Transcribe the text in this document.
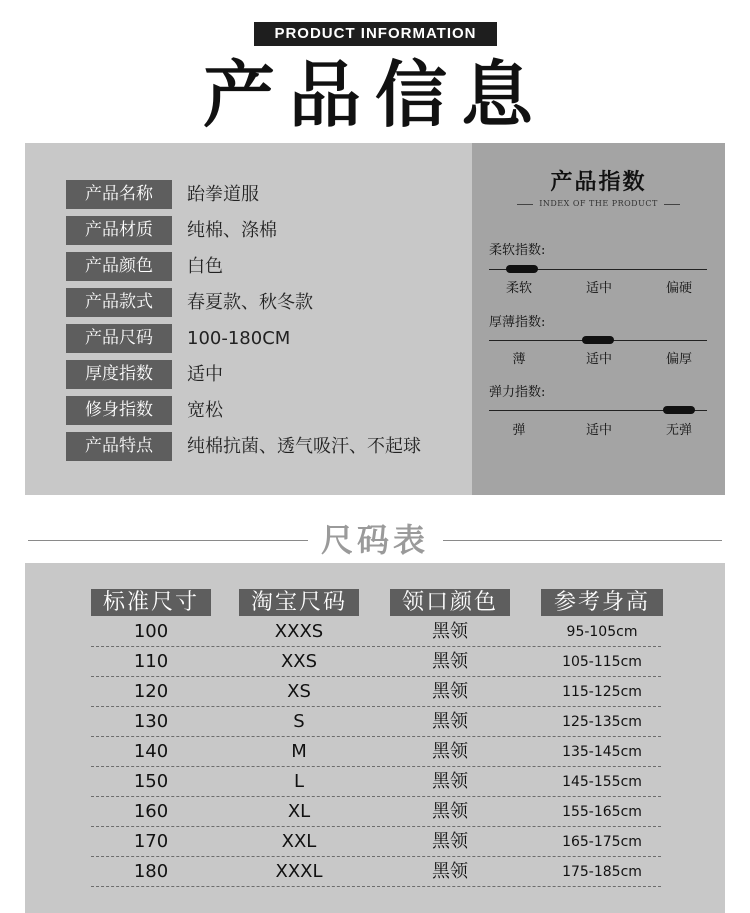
PRODUCT INFORMATION
产品信息
产品名称	跆拳道服
产品材质	纯棉、涤棉
产品颜色	白色
产品款式	春夏款、秋冬款
产品尺码	100-180CM
厚度指数	适中
修身指数	宽松
产品特点	纯棉抗菌、透气吸汗、不起球
产品指数
INDEX OF THE PRODUCT
柔软指数:
柔软	适中	偏硬
厚薄指数:
薄	适中	偏厚
弹力指数:
弹	适中	无弹
尺码表
标准尺寸	淘宝尺码	领口颜色	参考身高
100	XXXS	黑领	95-105cm
110	XXS	黑领	105-115cm
120	XS	黑领	115-125cm
130	S	黑领	125-135cm
140	M	黑领	135-145cm
150	L	黑领	145-155cm
160	XL	黑领	155-165cm
170	XXL	黑领	165-175cm
180	XXXL	黑领	175-185cm
